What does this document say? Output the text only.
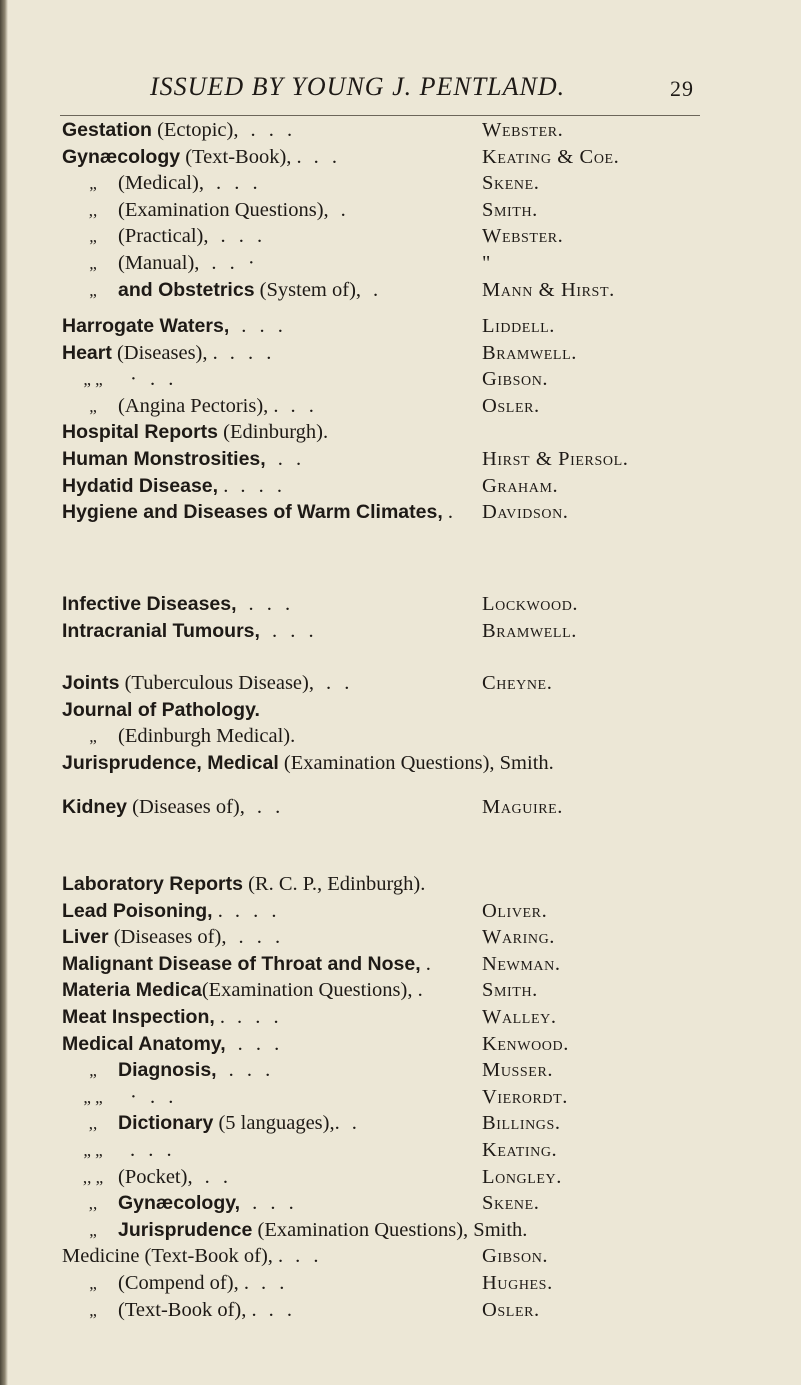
ISSUED BY YOUNG J. PENTLAND.	29
Gestation (Ectopic), . . .	Webster.
Gynæcology (Text-Book), . . .	Keating & Coe.
„ (Medical), . . .	Skene.
,, (Examination Questions), .	Smith.
„ (Practical), . . .	Webster.
„ (Manual), . . ·	"
„ and Obstetrics (System of), .	Mann & Hirst.
Harrogate Waters, . . .	Liddell.
Heart (Diseases), . . . .	Bramwell.
„ „ · . .	Gibson.
„ (Angina Pectoris), . . .	Osler.
Hospital Reports (Edinburgh).
Human Monstrosities, . .	Hirst & Piersol.
Hydatid Disease, . . . .	Graham.
Hygiene and Diseases of Warm Climates, .	Davidson.
Infective Diseases, . . .	Lockwood.
Intracranial Tumours, . . .	Bramwell.
Joints (Tuberculous Disease), . .	Cheyne.
Journal of Pathology.
„ (Edinburgh Medical).
Jurisprudence, Medical (Examination Questions), Smith.
Kidney (Diseases of), . .	Maguire.
Laboratory Reports (R. C. P., Edinburgh).
Lead Poisoning, . . . .	Oliver.
Liver (Diseases of), . . .	Waring.
Malignant Disease of Throat and Nose, .	Newman.
Materia Medica(Examination Questions), .	Smith.
Meat Inspection, . . . .	Walley.
Medical Anatomy, . . .	Kenwood.
„ Diagnosis, . . .	Musser.
„ „ · . .	Vierordt.
,, Dictionary (5 languages),. .	Billings.
„ „ . . .	Keating.
,, „ (Pocket), . .	Longley.
,, Gynæcology, . . .	Skene.
„ Jurisprudence (Examination Questions), Smith.
Medicine (Text-Book of), . . .	Gibson.
„ (Compend of), . . .	Hughes.
„ (Text-Book of), . . .	Osler.
